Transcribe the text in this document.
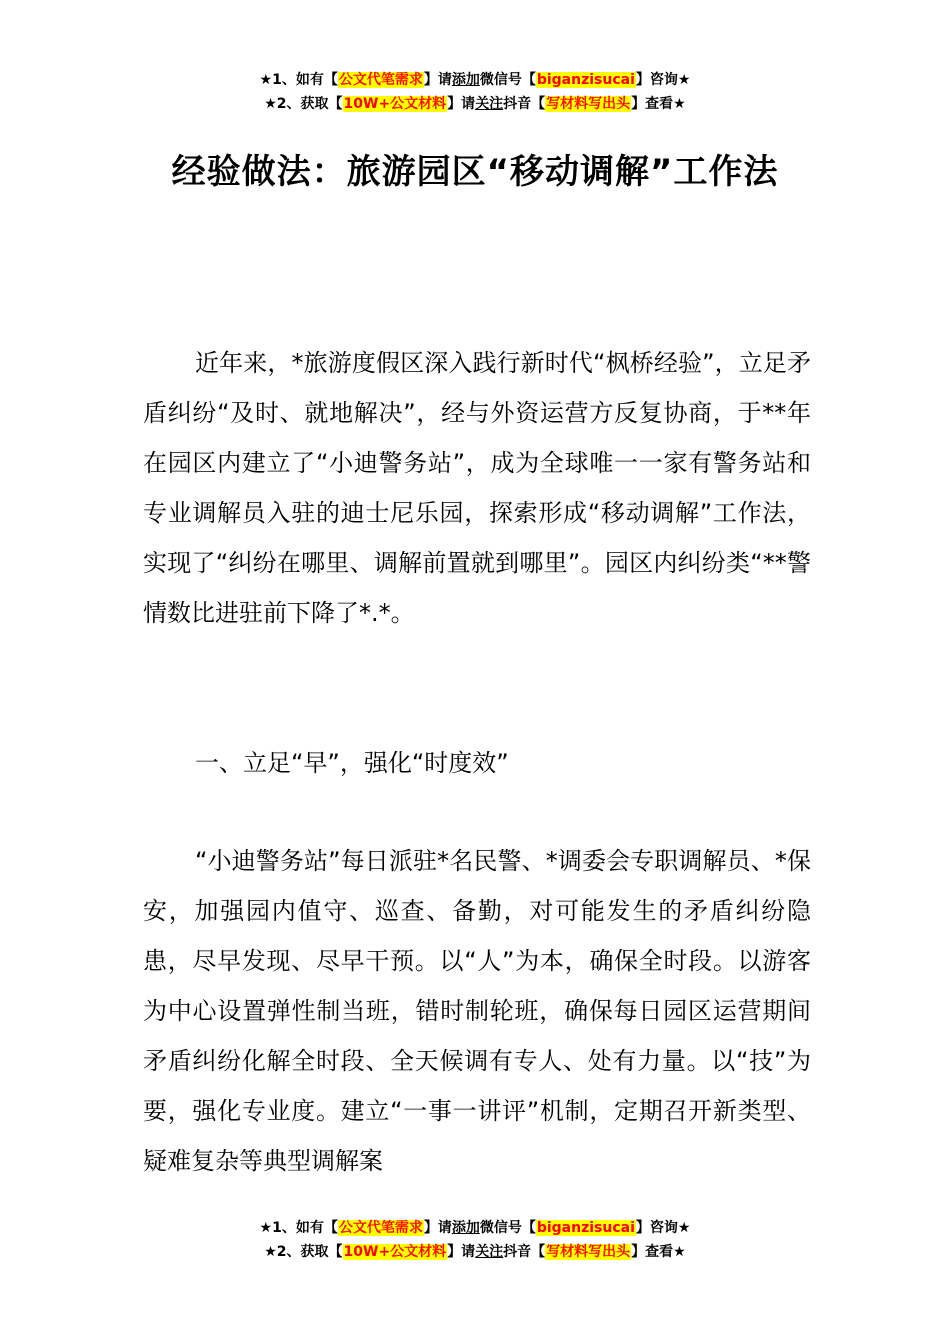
★1、如有【公文代笔需求】请添加微信号【biganzisucai】咨询★
★2、获取【10W+公文材料】请关注抖音【写材料写出头】查看★
经验做法：旅游园区“移动调解”工作法

近年来，*旅游度假区深入践行新时代“枫桥经验”，立足矛盾纠纷“及时、就地解决”，经与外资运营方反复协商，于**年在园区内建立了“小迪警务站”，成为全球唯一一家有警务站和专业调解员入驻的迪士尼乐园，探索形成“移动调解”工作法，实现了“纠纷在哪里、调解前置就到哪里”。园区内纠纷类“**警情数比进驻前下降了*.*。

一、立足“早”，强化“时度效”

“小迪警务站”每日派驻*名民警、*调委会专职调解员、*保安，加强园内值守、巡查、备勤，对可能发生的矛盾纠纷隐患，尽早发现、尽早干预。以“人”为本，确保全时段。以游客为中心设置弹性制当班，错时制轮班，确保每日园区运营期间矛盾纠纷化解全时段、全天候调有专人、处有力量。以“技”为要，强化专业度。建立“一事一讲评”机制，定期召开新类型、疑难复杂等典型调解案

★1、如有【公文代笔需求】请添加微信号【biganzisucai】咨询★
★2、获取【10W+公文材料】请关注抖音【写材料写出头】查看★
